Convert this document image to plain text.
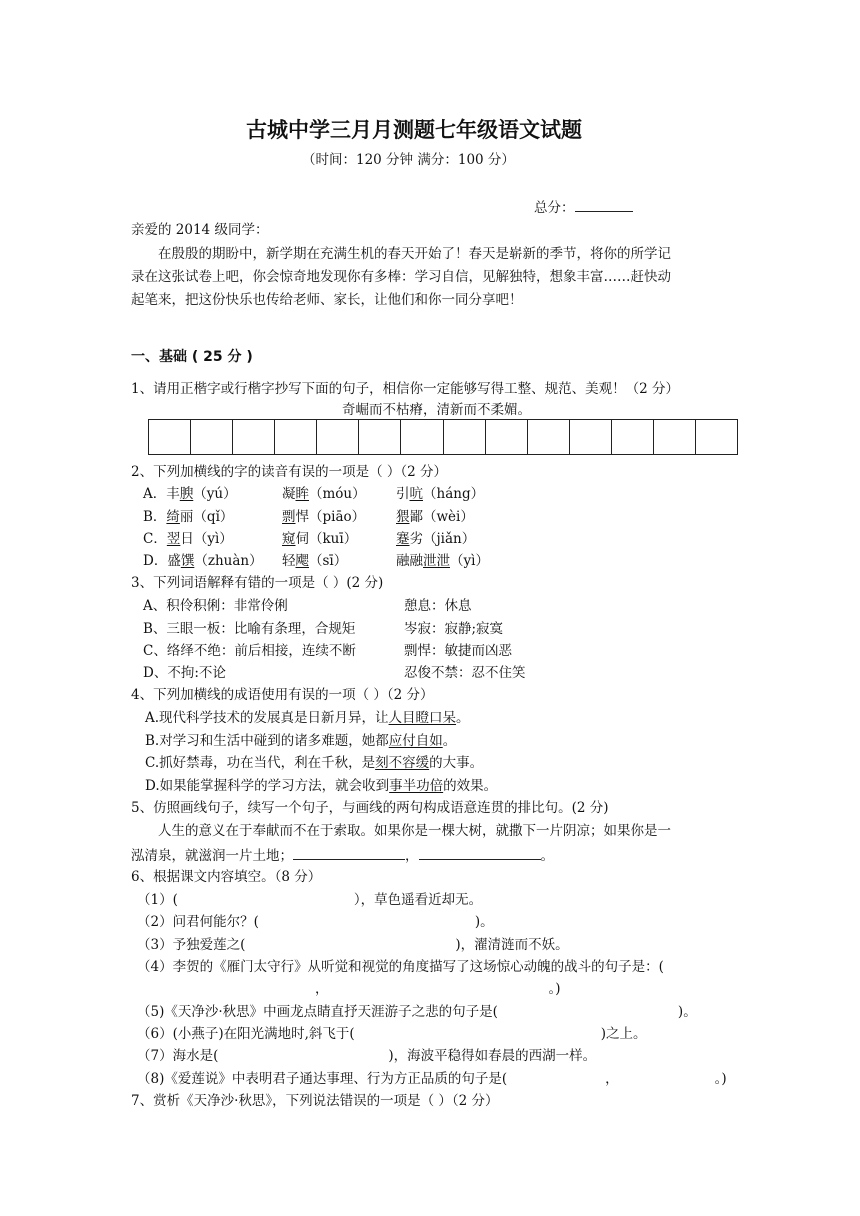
古城中学三月月测题七年级语文试题
（时间：120 分钟 满分：100 分）
总分：
亲爱的 2014 级同学：
在殷殷的期盼中，新学期在充满生机的春天开始了！春天是崭新的季节，将你的所学记
录在这张试卷上吧，你会惊奇地发现你有多棒：学习自信，见解独特，想象丰富……赶快动
起笔来，把这份快乐也传给老师、家长，让他们和你一同分享吧！
一、基础 ( 25 分 )
1、请用正楷字或行楷字抄写下面的句子，相信你一定能够写得工整、规范、美观！（2 分）
奇崛而不枯瘠，清新而不柔媚。
2、下列加横线的字的读音有误的一项是（ ）（2 分）
A．丰腴（yú）	凝眸（móu） 引吭（háng）
B．绮丽（qǐ）	剽悍（piāo） 猥鄙（wèi）
C．翌日（yì）	窥伺（kuī）	蹇劣（jiǎn）
D．盛馔（zhuàn） 轻飔（sī）	融融泄泄（yì）
3、下列词语解释有错的一项是（ ）(2 分)
A、积伶积俐：非常伶俐	憩息：休息
B、三眼一板：比喻有条理，合规矩	岑寂：寂静;寂寞
C、络绎不绝：前后相接，连续不断	剽悍：敏捷而凶恶
D、不拘:不论	忍俊不禁：忍不住笑
4、下列加横线的成语使用有误的一项（ ）（2 分）
A.现代科学技术的发展真是日新月异，让人目瞪口呆。
B.对学习和生活中碰到的诸多难题，她都应付自如。
C.抓好禁毒，功在当代，利在千秋，是刻不容缓的大事。
D.如果能掌握科学的学习方法，就会收到事半功倍的效果。
5、仿照画线句子，续写一个句子，与画线的两句构成语意连贯的排比句。(2 分)
人生的意义在于奉献而不在于索取。如果你是一棵大树，就撒下一片阴凉；如果你是一
泓清泉，就滋润一片土地；	，	。
6、根据课文内容填空。（8 分）
（1）(	），草色遥看近却无。
（2）问君何能尔？(	)。
（3）予独爱莲之(	)，濯清涟而不妖。
（4）李贺的《雁门太守行》从听觉和视觉的角度描写了这场惊心动魄的战斗的句子是：(
，	。)
（5)《天净沙·秋思》中画龙点睛直抒天涯游子之悲的句子是(	)。
（6）(小燕子)在阳光满地时,斜飞于(	)之上。
（7）海水是(	)，海波平稳得如春晨的西湖一样。
（8)《爱莲说》中表明君子通达事理、行为方正品质的句子是(	，	。)
7、赏析《天净沙·秋思》，下列说法错误的一项是（ ）（2 分）
